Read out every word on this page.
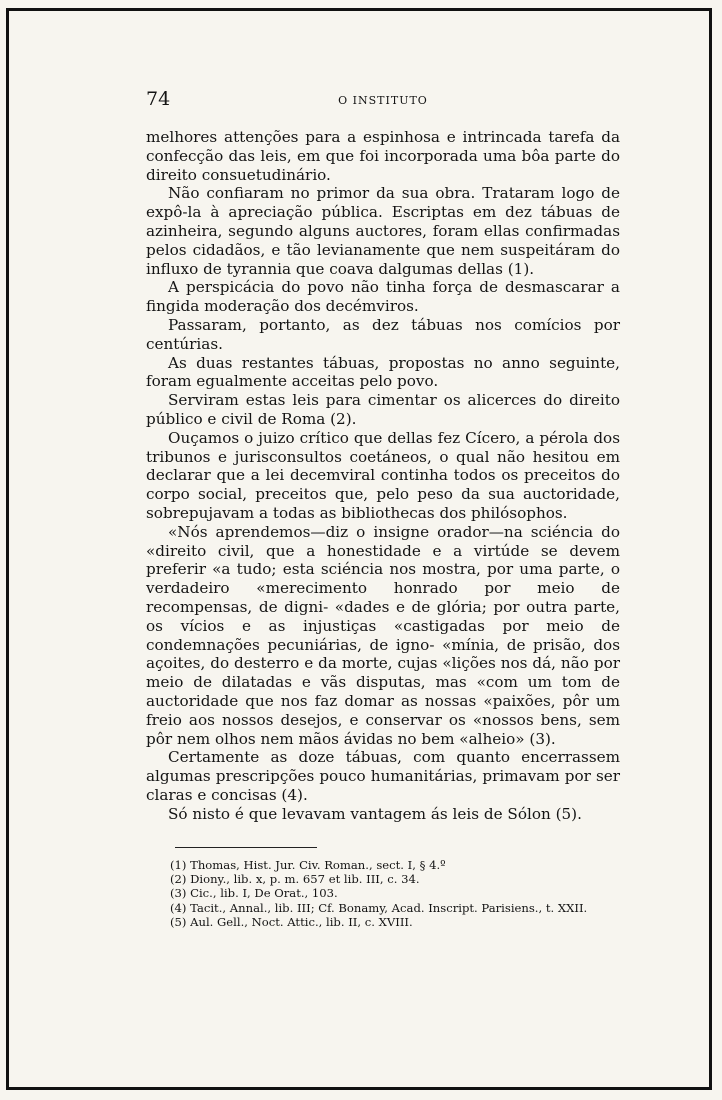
74	O INSTITUTO

melhores attenções para a espinhosa e intrincada tarefa da confecção das leis, em que foi incorporada uma bôa parte do direito consuetudinário.

Não confiaram no primor da sua obra. Trataram logo de expô-la à apreciação pública. Escriptas em dez tábuas de azinheira, segundo alguns auctores, foram ellas confirmadas pelos cidadãos, e tão levianamente que nem suspeitáram do influxo de tyrannia que coava dalgumas dellas (1).

A perspicácia do povo não tinha força de desmascarar a fingida moderação dos decémviros.

Passaram, portanto, as dez tábuas nos comícios por centúrias.

As duas restantes tábuas, propostas no anno seguinte, foram egualmente acceitas pelo povo.

Serviram estas leis para cimentar os alicerces do direito público e civil de Roma (2).

Ouçamos o juizo crítico que dellas fez Cícero, a pérola dos tribunos e jurisconsultos coetáneos, o qual não hesitou em declarar que a lei decemviral continha todos os preceitos do corpo social, preceitos que, pelo peso da sua auctoridade, sobrepujavam a todas as bibliothecas dos philósophos.

«Nós aprendemos—diz o insigne orador—na sciéncia do «direito civil, que a honestidade e a virtúde se devem preferir «a tudo; esta sciéncia nos mostra, por uma parte, o verdadeiro «merecimento honrado por meio de recompensas, de digni- «dades e de glória; por outra parte, os vícios e as injustiças «castigadas por meio de condemnações pecuniárias, de igno- «mínia, de prisão, dos açoites, do desterro e da morte, cujas «lições nos dá, não por meio de dilatadas e vãs disputas, mas «com um tom de auctoridade que nos faz domar as nossas «paixões, pôr um freio aos nossos desejos, e conservar os «nossos bens, sem pôr nem olhos nem mãos ávidas no bem «alheio» (3).

Certamente as doze tábuas, com quanto encerrassem algumas prescripções pouco humanitárias, primavam por ser claras e concisas (4).

Só nisto é que levavam vantagem ás leis de Sólon (5).

(1) Thomas, Hist. Jur. Civ. Roman., sect. I, § 4.º
(2) Diony., lib. x, p. m. 657 et lib. III, c. 34.
(3) Cic., lib. I, De Orat., 103.
(4) Tacit., Annal., lib. III; Cf. Bonamy, Acad. Inscript. Parisiens., t. XXII.
(5) Aul. Gell., Noct. Attic., lib. II, c. XVIII.
